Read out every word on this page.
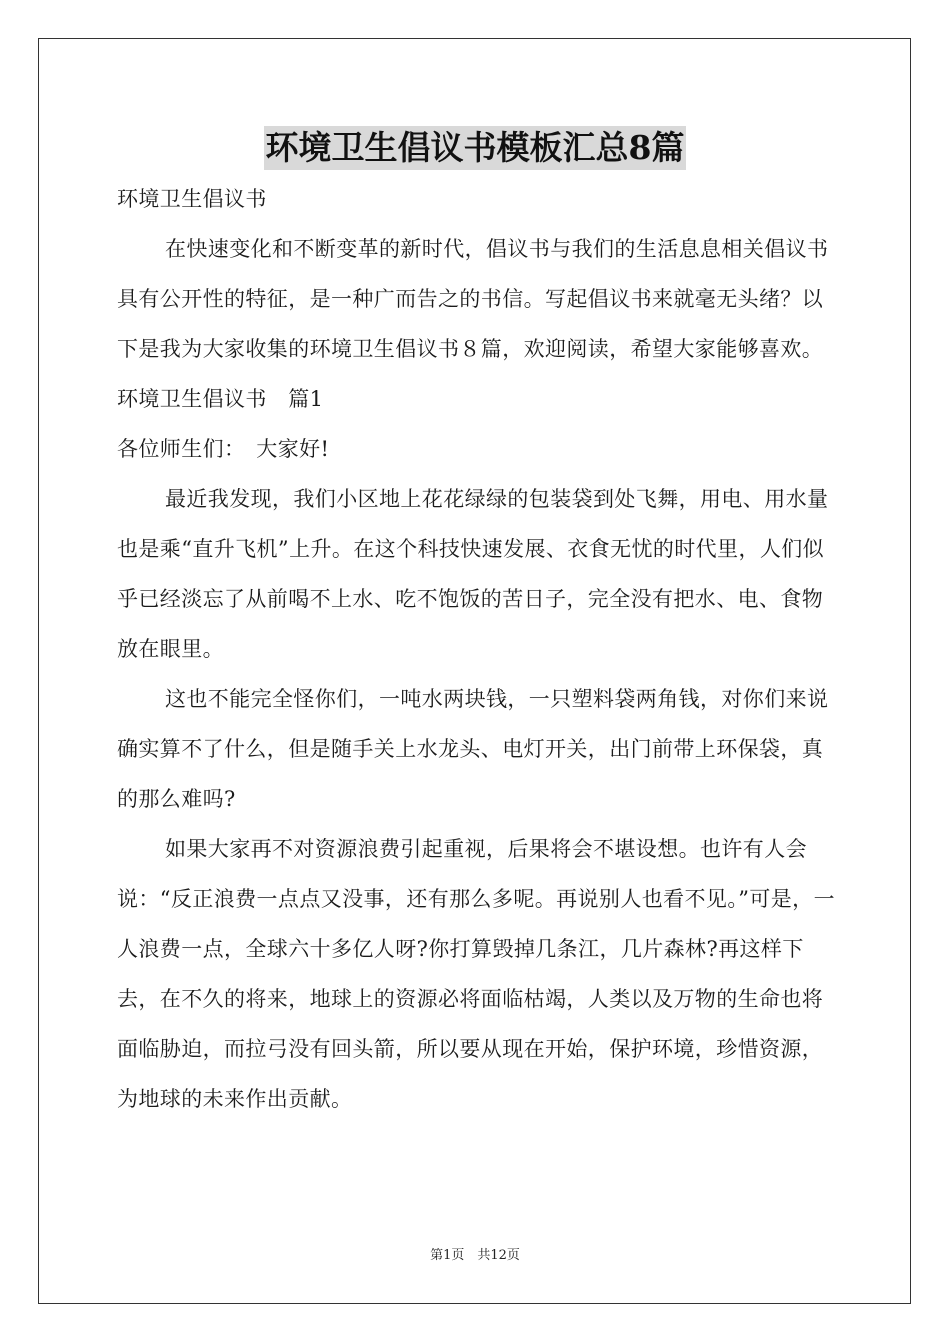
环境卫生倡议书模板汇总8篇

环境卫生倡议书

在快速变化和不断变革的新时代，倡议书与我们的生活息息相关倡议书具有公开性的特征，是一种广而告之的书信。写起倡议书来就毫无头绪？以下是我为大家收集的环境卫生倡议书８篇，欢迎阅读，希望大家能够喜欢。

环境卫生倡议书　篇1

各位师生们：　大家好!

最近我发现，我们小区地上花花绿绿的包装袋到处飞舞，用电、用水量也是乘“直升飞机”上升。在这个科技快速发展、衣食无忧的时代里，人们似乎已经淡忘了从前喝不上水、吃不饱饭的苦日子，完全没有把水、电、食物放在眼里。

这也不能完全怪你们，一吨水两块钱，一只塑料袋两角钱，对你们来说确实算不了什么，但是随手关上水龙头、电灯开关，出门前带上环保袋，真的那么难吗?

如果大家再不对资源浪费引起重视，后果将会不堪设想。也许有人会说：“反正浪费一点点又没事，还有那么多呢。再说别人也看不见。”可是，一人浪费一点，全球六十多亿人呀?你打算毁掉几条江，几片森林?再这样下去，在不久的将来，地球上的资源必将面临枯竭，人类以及万物的生命也将面临胁迫，而拉弓没有回头箭，所以要从现在开始，保护环境，珍惜资源，为地球的未来作出贡献。

第1页　共12页
